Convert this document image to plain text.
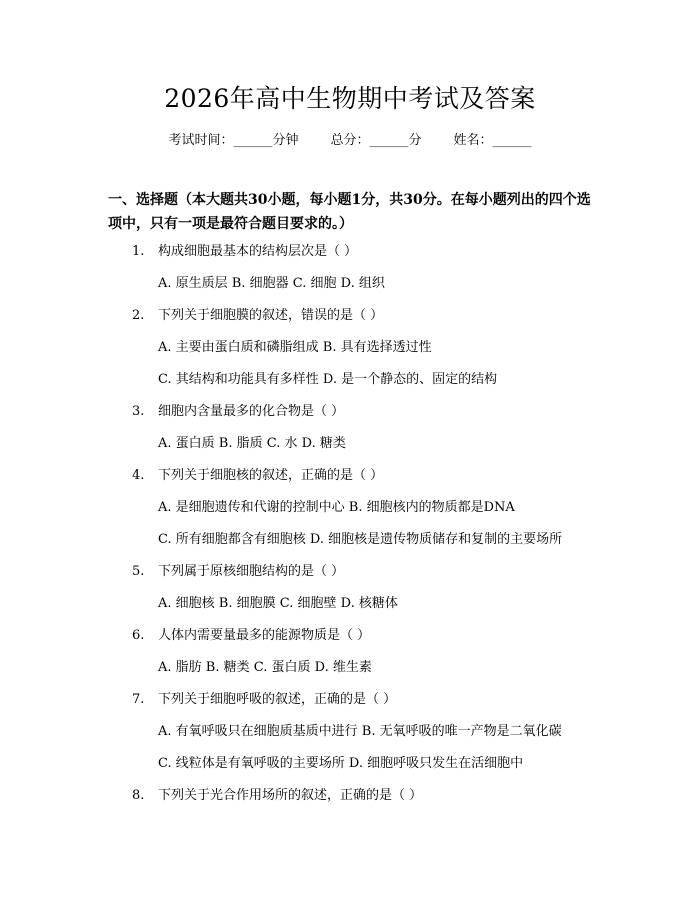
2026年高中生物期中考试及答案
考试时间：______分钟 总分：______分 姓名：______
一、选择题（本大题共30小题，每小题1分，共30分。在每小题列出的四个选项中，只有一项是最符合题目要求的。）
1. 构成细胞最基本的结构层次是（ ）
A. 原生质层 B. 细胞器 C. 细胞 D. 组织
2. 下列关于细胞膜的叙述，错误的是（ ）
A. 主要由蛋白质和磷脂组成 B. 具有选择透过性
C. 其结构和功能具有多样性 D. 是一个静态的、固定的结构
3. 细胞内含量最多的化合物是（ ）
A. 蛋白质 B. 脂质 C. 水 D. 糖类
4. 下列关于细胞核的叙述，正确的是（ ）
A. 是细胞遗传和代谢的控制中心 B. 细胞核内的物质都是DNA
C. 所有细胞都含有细胞核 D. 细胞核是遗传物质储存和复制的主要场所
5. 下列属于原核细胞结构的是（ ）
A. 细胞核 B. 细胞膜 C. 细胞壁 D. 核糖体
6. 人体内需要量最多的能源物质是（ ）
A. 脂肪 B. 糖类 C. 蛋白质 D. 维生素
7. 下列关于细胞呼吸的叙述，正确的是（ ）
A. 有氧呼吸只在细胞质基质中进行 B. 无氧呼吸的唯一产物是二氧化碳
C. 线粒体是有氧呼吸的主要场所 D. 细胞呼吸只发生在活细胞中
8. 下列关于光合作用场所的叙述，正确的是（ ）
